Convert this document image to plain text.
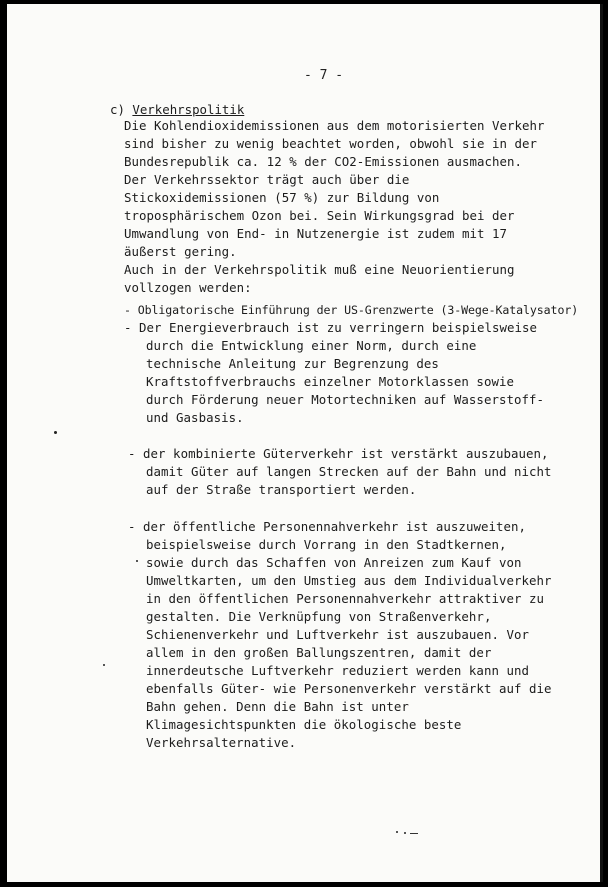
- 7 -
c) Verkehrspolitik
Die Kohlendioxidemissionen aus dem motorisierten Verkehr
sind bisher zu wenig beachtet worden, obwohl sie in der
Bundesrepublik ca. 12 % der CO2-Emissionen ausmachen.
Der Verkehrssektor trägt auch über die
Stickoxidemissionen (57 %) zur Bildung von
troposphärischem Ozon bei. Sein Wirkungsgrad bei der
Umwandlung von End- in Nutzenergie ist zudem mit 17
äußerst gering.
Auch in der Verkehrspolitik muß eine Neuorientierung
vollzogen werden:
- Obligatorische Einführung der US-Grenzwerte (3-Wege-Katalysator)
- Der Energieverbrauch ist zu verringern beispielsweise
durch die Entwicklung einer Norm, durch eine
technische Anleitung zur Begrenzung des
Kraftstoffverbrauchs einzelner Motorklassen sowie
durch Förderung neuer Motortechniken auf Wasserstoff-
und Gasbasis.
- der kombinierte Güterverkehr ist verstärkt auszubauen,
damit Güter auf langen Strecken auf der Bahn und nicht
auf der Straße transportiert werden.
- der öffentliche Personennahverkehr ist auszuweiten,
beispielsweise durch Vorrang in den Stadtkernen,
sowie durch das Schaffen von Anreizen zum Kauf von
Umweltkarten, um den Umstieg aus dem Individualverkehr
in den öffentlichen Personennahverkehr attraktiver zu
gestalten. Die Verknüpfung von Straßenverkehr,
Schienenverkehr und Luftverkehr ist auszubauen. Vor
allem in den großen Ballungszentren, damit der
innerdeutsche Luftverkehr reduziert werden kann und
ebenfalls Güter- wie Personenverkehr verstärkt auf die
Bahn gehen. Denn die Bahn ist unter
Klimagesichtspunkten die ökologische beste
Verkehrsalternative.
